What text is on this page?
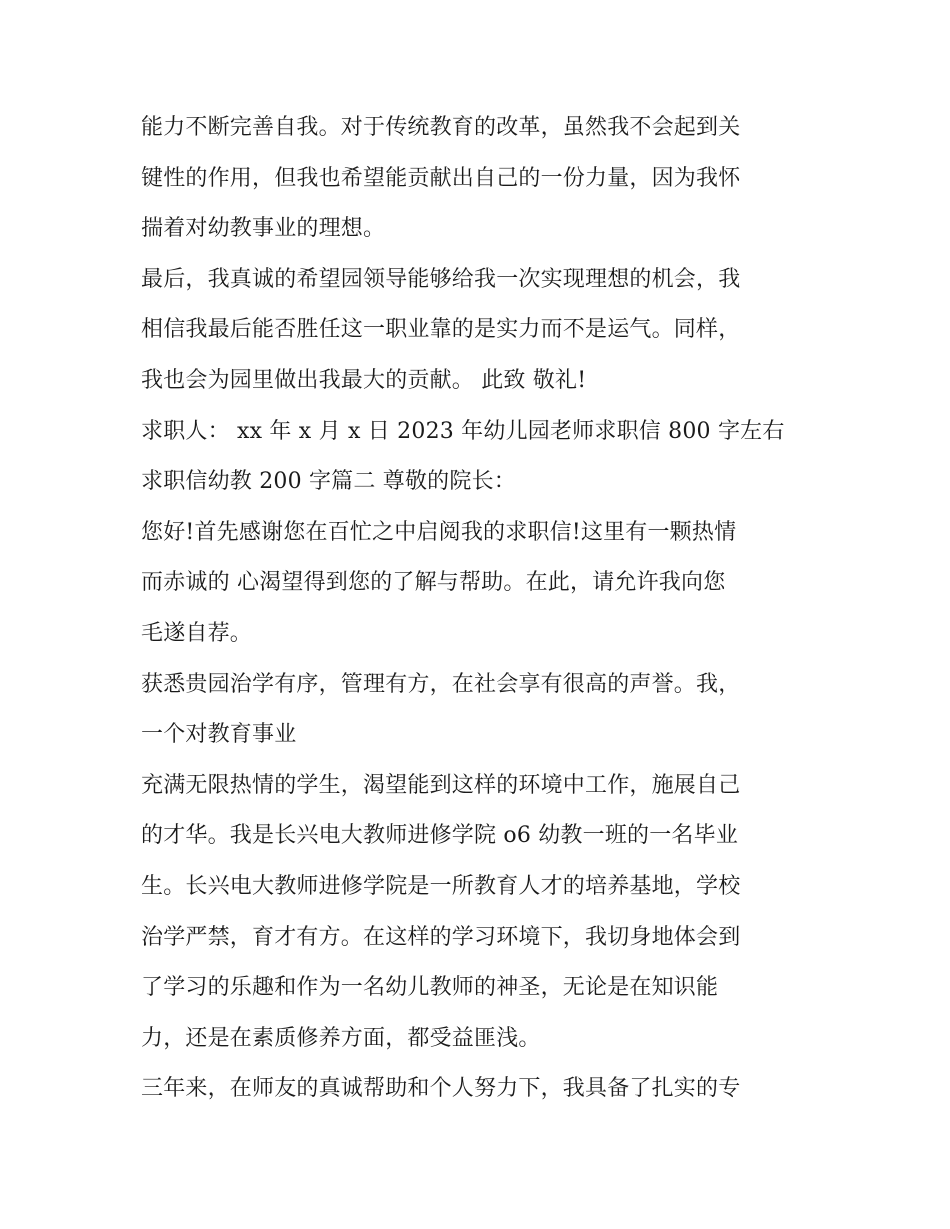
能力不断完善自我。对于传统教育的改革，虽然我不会起到关
键性的作用，但我也希望能贡献出自己的一份力量，因为我怀
揣着对幼教事业的理想。
最后，我真诚的希望园领导能够给我一次实现理想的机会，我
相信我最后能否胜任这一职业靠的是实力而不是运气。同样，
我也会为园里做出我最大的贡献。 此致 敬礼!
求职人： xx 年 x 月 x 日 2023 年幼儿园老师求职信 800 字左右
求职信幼教 200 字篇二 尊敬的院长：
您好!首先感谢您在百忙之中启阅我的求职信!这里有一颗热情
而赤诚的 心渴望得到您的了解与帮助。在此，请允许我向您
毛遂自荐。
获悉贵园治学有序，管理有方，在社会享有很高的声誉。我，
一个对教育事业
充满无限热情的学生，渴望能到这样的环境中工作，施展自己
的才华。我是长兴电大教师进修学院 o6 幼教一班的一名毕业
生。长兴电大教师进修学院是一所教育人才的培养基地，学校
治学严禁，育才有方。在这样的学习环境下，我切身地体会到
了学习的乐趣和作为一名幼儿教师的神圣，无论是在知识能
力，还是在素质修养方面，都受益匪浅。
三年来，在师友的真诚帮助和个人努力下，我具备了扎实的专
